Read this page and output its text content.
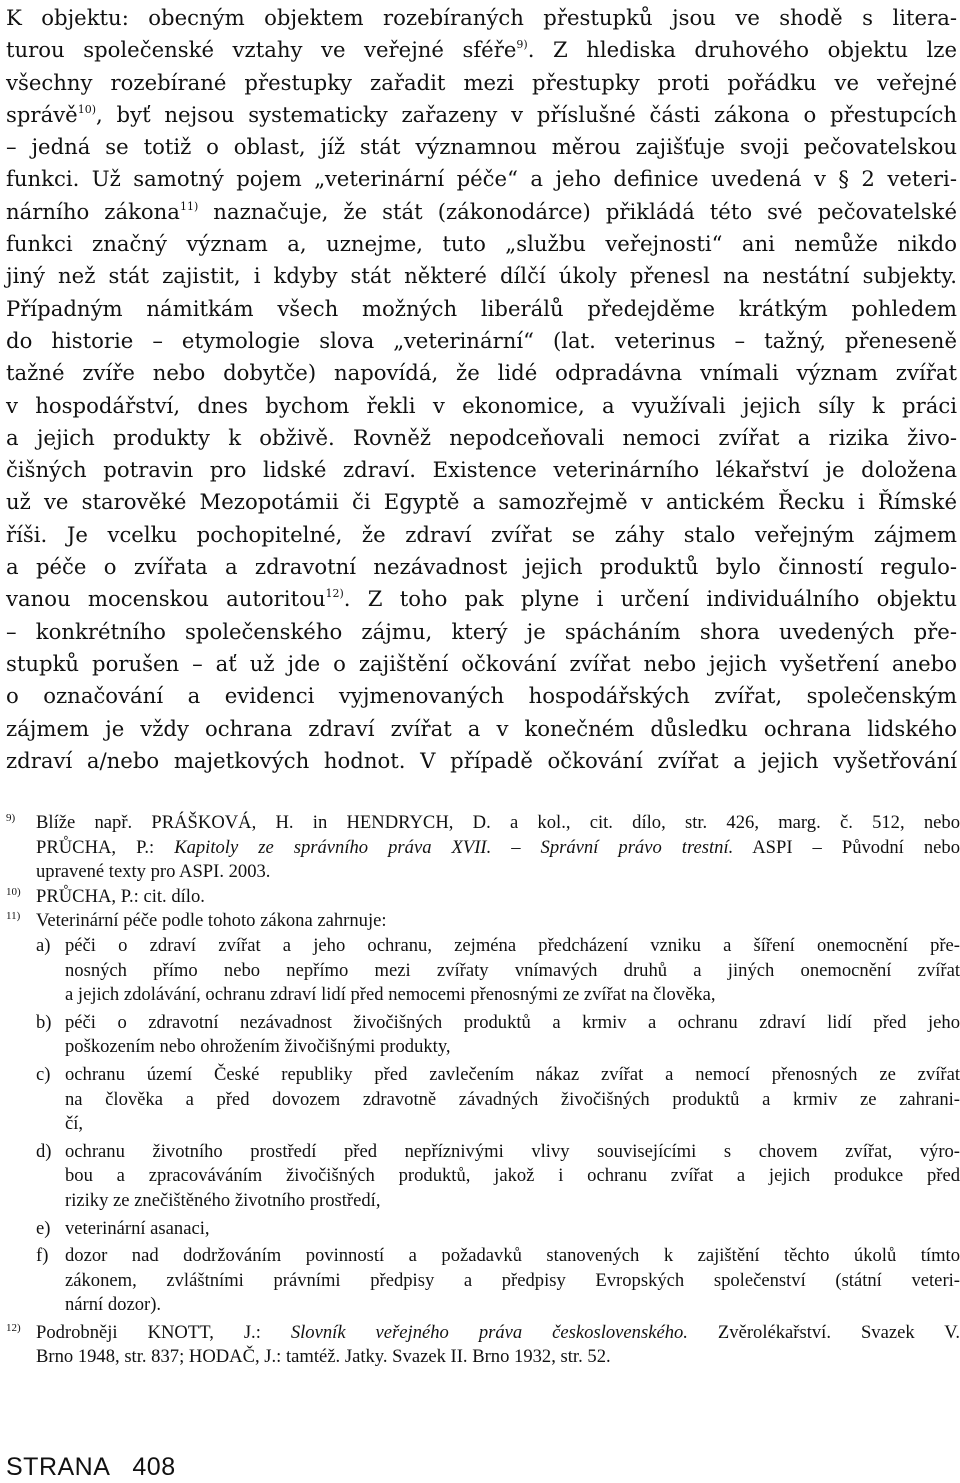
K objektu: obecným objektem rozebíraných přestupků jsou ve shodě s litera-
turou společenské vztahy ve veřejné sféře$^{9)}$. Z hlediska druhového objektu lze
všechny rozebírané přestupky zařadit mezi přestupky proti pořádku ve veřejné
správě$^{10)}$, byť nejsou systematicky zařazeny v příslušné části zákona o přestupcích
– jedná se totiž o oblast, jíž stát významnou měrou zajišťuje svoji pečovatelskou
funkci. Už samotný pojem „veterinární péče“ a jeho definice uvedená v § 2 veteri-
nárního zákona$^{11)}$ naznačuje, že stát (zákonodárce) přikládá této své pečovatelské
funkci značný význam a, uznejme, tuto „službu veřejnosti“ ani nemůže nikdo
jiný než stát zajistit, i kdyby stát některé dílčí úkoly přenesl na nestátní subjekty.
Případným námitkám všech možných liberálů předejděme krátkým pohledem
do historie – etymologie slova „veterinární“ (lat. veterinus – tažný, přeneseně
tažné zvíře nebo dobytče) napovídá, že lidé odpradávna vnímali význam zvířat
v hospodářství, dnes bychom řekli v ekonomice, a využívali jejich síly k práci
a jejich produkty k obživě. Rovněž nepodceňovali nemoci zvířat a rizika živo-
čišných potravin pro lidské zdraví. Existence veterinárního lékařství je doložena
už ve starověké Mezopotámii či Egyptě a samozřejmě v antickém Řecku i Římské
říši. Je vcelku pochopitelné, že zdraví zvířat se záhy stalo veřejným zájmem
a péče o zvířata a zdravotní nezávadnost jejich produktů bylo činností regulo-
vanou mocenskou autoritou$^{12)}$. Z toho pak plyne i určení individuálního objektu
– konkrétního společenského zájmu, který je spácháním shora uvedených pře-
stupků porušen – ať už jde o zajištění očkování zvířat nebo jejich vyšetření anebo
o označování a evidenci vyjmenovaných hospodářských zvířat, společenským
zájmem je vždy ochrana zdraví zvířat a v konečném důsledku ochrana lidského
zdraví a/nebo majetkových hodnot. V případě očkování zvířat a jejich vyšetřování
9) Blíže např. PRÁŠKOVÁ, H. in HENDRYCH, D. a kol., cit. dílo, str. 426, marg. č. 512, nebo
PRŮCHA, P.: Kapitoly ze správního práva XVII. – Správní právo trestní. ASPI – Původní nebo
upravené texty pro ASPI. 2003.
10) PRŮCHA, P.: cit. dílo.
11) Veterinární péče podle tohoto zákona zahrnuje:
a) péči o zdraví zvířat a jeho ochranu, zejména předcházení vzniku a šíření onemocnění pře-
nosných přímo nebo nepřímo mezi zvířaty vnímavých druhů a jiných onemocnění zvířat
a jejich zdolávání, ochranu zdraví lidí před nemocemi přenosnými ze zvířat na člověka,
b) péči o zdravotní nezávadnost živočišných produktů a krmiv a ochranu zdraví lidí před jeho
poškozením nebo ohrožením živočišnými produkty,
c) ochranu území České republiky před zavlečením nákaz zvířat a nemocí přenosných ze zvířat
na člověka a před dovozem zdravotně závadných živočišných produktů a krmiv ze zahrani-
čí,
d) ochranu životního prostředí před nepříznivými vlivy souvisejícími s chovem zvířat, výro-
bou a zpracováváním živočišných produktů, jakož i ochranu zvířat a jejich produkce před
riziky ze znečištěného životního prostředí,
e) veterinární asanaci,
f) dozor nad dodržováním povinností a požadavků stanovených k zajištění těchto úkolů tímto
zákonem, zvláštními právními předpisy a předpisy Evropských společenství (státní veteri-
nární dozor).
12) Podrobněji KNOTT, J.: Slovník veřejného práva československého. Zvěrolékařství. Svazek V.
Brno 1948, str. 837; HODAČ, J.: tamtéž. Jatky. Svazek II. Brno 1932, str. 52.
STRANA 408
